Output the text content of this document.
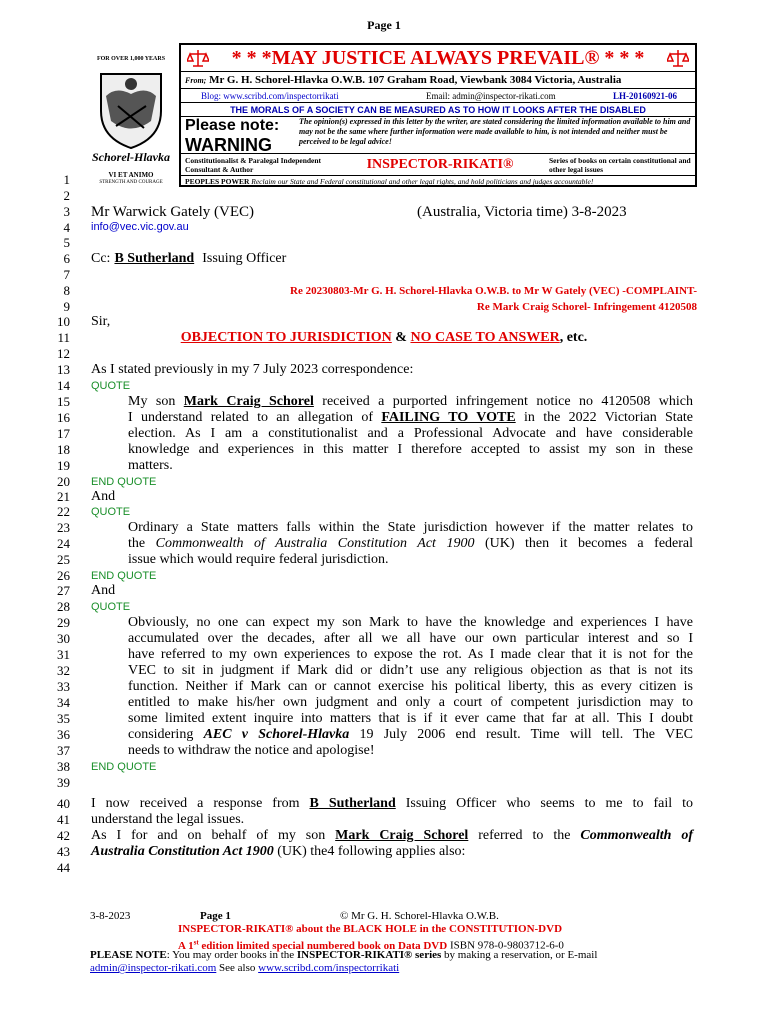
Page 1
FOR OVER 1,000 YEARS
Schorel-Hlavka
VI ET ANIMO
STRENGTH AND COURAGE
* * *MAY JUSTICE ALWAYS PREVAIL® * * *
From; Mr G. H. Schorel-Hlavka O.W.B. 107 Graham Road, Viewbank 3084 Victoria, Australia
Blog: www.scribd.com/inspectorrikati	Email: admin@inspector-rikati.com	LH-20160921-06
THE MORALS OF A SOCIETY CAN BE MEASURED AS TO HOW IT LOOKS AFTER THE DISABLED
Please note:
WARNING
The opinion(s) expressed in this letter by the writer, are stated considering the limited information available to him and may not be the same where further information were made available to him, is not intended and neither must be perceived to be legal advice!
Constitutionalist & Paralegal Independent Consultant & Author	INSPECTOR-RIKATI®	Series of books on certain constitutional and other legal issues
PEOPLES POWER Reclaim our State and Federal constitutional and other legal rights, and hold politicians and judges accountable!
1
2
3
4
5
6
7
8
9
10
11
12
13
14
15
16
17
18
19
20
21
22
23
24
25
26
27
28
29
30
31
32
33
34
35
36
37
38
39
40
41
42
43
44
Mr Warwick Gately (VEC)	(Australia, Victoria time) 3-8-2023
info@vec.vic.gov.au
Cc: B Sutherland Issuing Officer
Re 20230803-Mr G. H. Schorel-Hlavka O.W.B. to Mr W Gately (VEC) -COMPLAINT-
Re Mark Craig Schorel- Infringement 4120508
Sir,
OBJECTION TO JURISDICTION & NO CASE TO ANSWER, etc.
As I stated previously in my 7 July 2023 correspondence:
QUOTE
My son Mark Craig Schorel received a purported infringement notice no 4120508 which
I understand related to an allegation of FAILING TO VOTE in the 2022 Victorian State
election. As I am a constitutionalist and a Professional Advocate and have considerable
knowledge and experiences in this matter I therefore accepted to assist my son in these
matters.
END QUOTE
And
QUOTE
Ordinary a State matters falls within the State jurisdiction however if the matter relates to
the Commonwealth of Australia Constitution Act 1900 (UK) then it becomes a federal
issue which would require federal jurisdiction.
END QUOTE
And
QUOTE
Obviously, no one can expect my son Mark to have the knowledge and experiences I have
accumulated over the decades, after all we all have our own particular interest and so I
have referred to my own experiences to expose the rot. As I made clear that it is not for the
VEC to sit in judgment if Mark did or didn’t use any religious objection as that is not its
function. Neither if Mark can or cannot exercise his political liberty, this as every citizen is
entitled to make his/her own judgment and only a court of competent jurisdiction may to
some limited extent inquire into matters that is if it ever came that far at all. This I doubt
considering AEC v Schorel-Hlavka 19 July 2006 end result. Time will tell. The VEC
needs to withdraw the notice and apologise!
END QUOTE
I now received a response from B Sutherland Issuing Officer who seems to me to fail to
understand the legal issues.
As I for and on behalf of my son Mark Craig Schorel referred to the Commonwealth of
Australia Constitution Act 1900 (UK) the4 following applies also:
3-8-2023	Page 1	© Mr G. H. Schorel-Hlavka O.W.B.
INSPECTOR-RIKATI® about the BLACK HOLE in the CONSTITUTION-DVD
A 1st edition limited special numbered book on Data DVD ISBN 978-0-9803712-6-0
PLEASE NOTE: You may order books in the INSPECTOR-RIKATI® series by making a reservation, or E-mail
admin@inspector-rikati.com See also www.scribd.com/inspectorrikati
